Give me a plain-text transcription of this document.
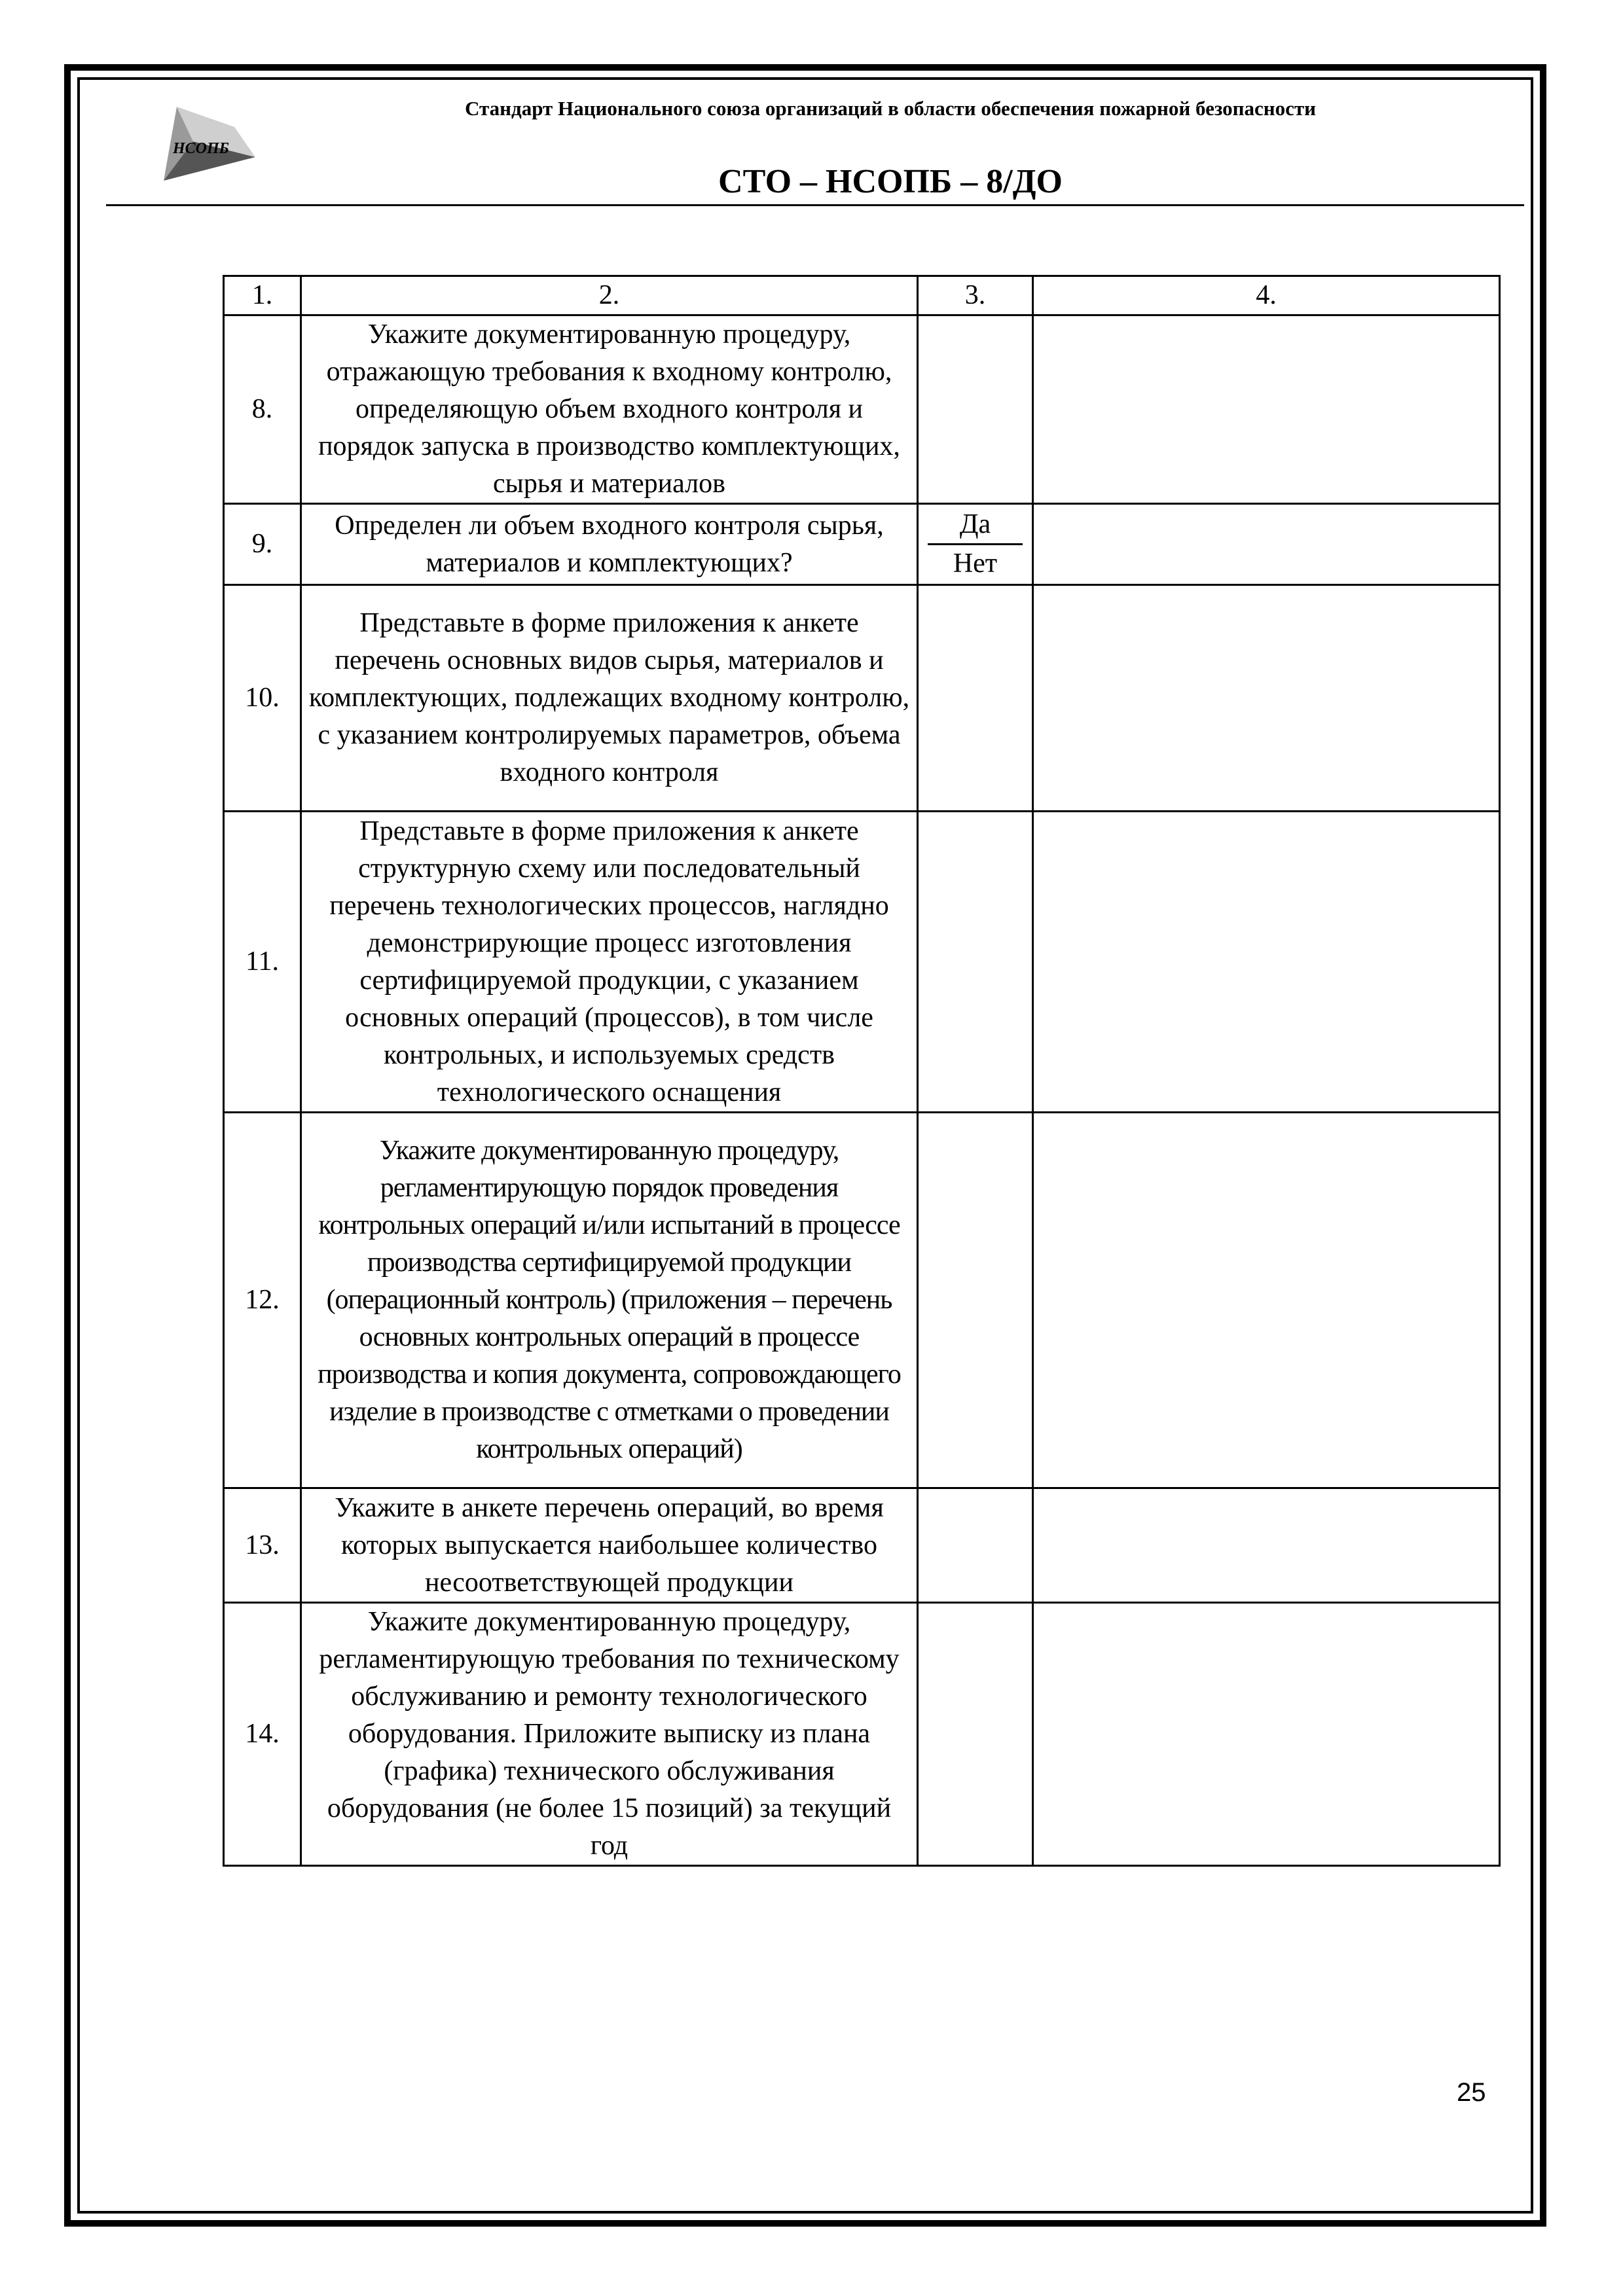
НСОПБ
Стандарт Национального союза организаций в области обеспечения пожарной безопасности
СТО – НСОПБ – 8/ДО
1.	2.	3.	4.
8.	Укажите документированную процедуру, отражающую требования к входному контролю, определяющую объем входного контроля и порядок запуска в производство комплектующих, сырья и материалов		
9.	Определен ли объем входного контроля сырья, материалов и комплектующих?	Да
Нет	

10.	Представьте в форме приложения к анкете перечень основных видов сырья, материалов и комплектующих, подлежащих входному контролю, с указанием контролируемых параметров, объема входного контроля		
11.	Представьте в форме приложения к анкете структурную схему или последовательный перечень технологических процессов, наглядно демонстрирующие процесс изготовления сертифицируемой продукции, с указанием основных операций (процессов), в том числе контрольных, и используемых средств технологического оснащения		
12.	Укажите документированную процедуру, регламентирующую порядок проведения контрольных операций и/или испытаний в процессе производства сертифицируемой продукции (операционный контроль) (приложения – перечень основных контрольных операций в процессе производства и копия документа, сопровождающего изделие в производстве с отметками о проведении контрольных операций)		
13.	Укажите в анкете перечень операций, во время которых выпускается наибольшее количество несоответствующей продукции		
14.	Укажите документированную процедуру, регламентирующую требования по техническому обслуживанию и ремонту технологического оборудования. Приложите выписку из плана (графика) технического обслуживания оборудования (не более 15 позиций) за текущий год		
25
